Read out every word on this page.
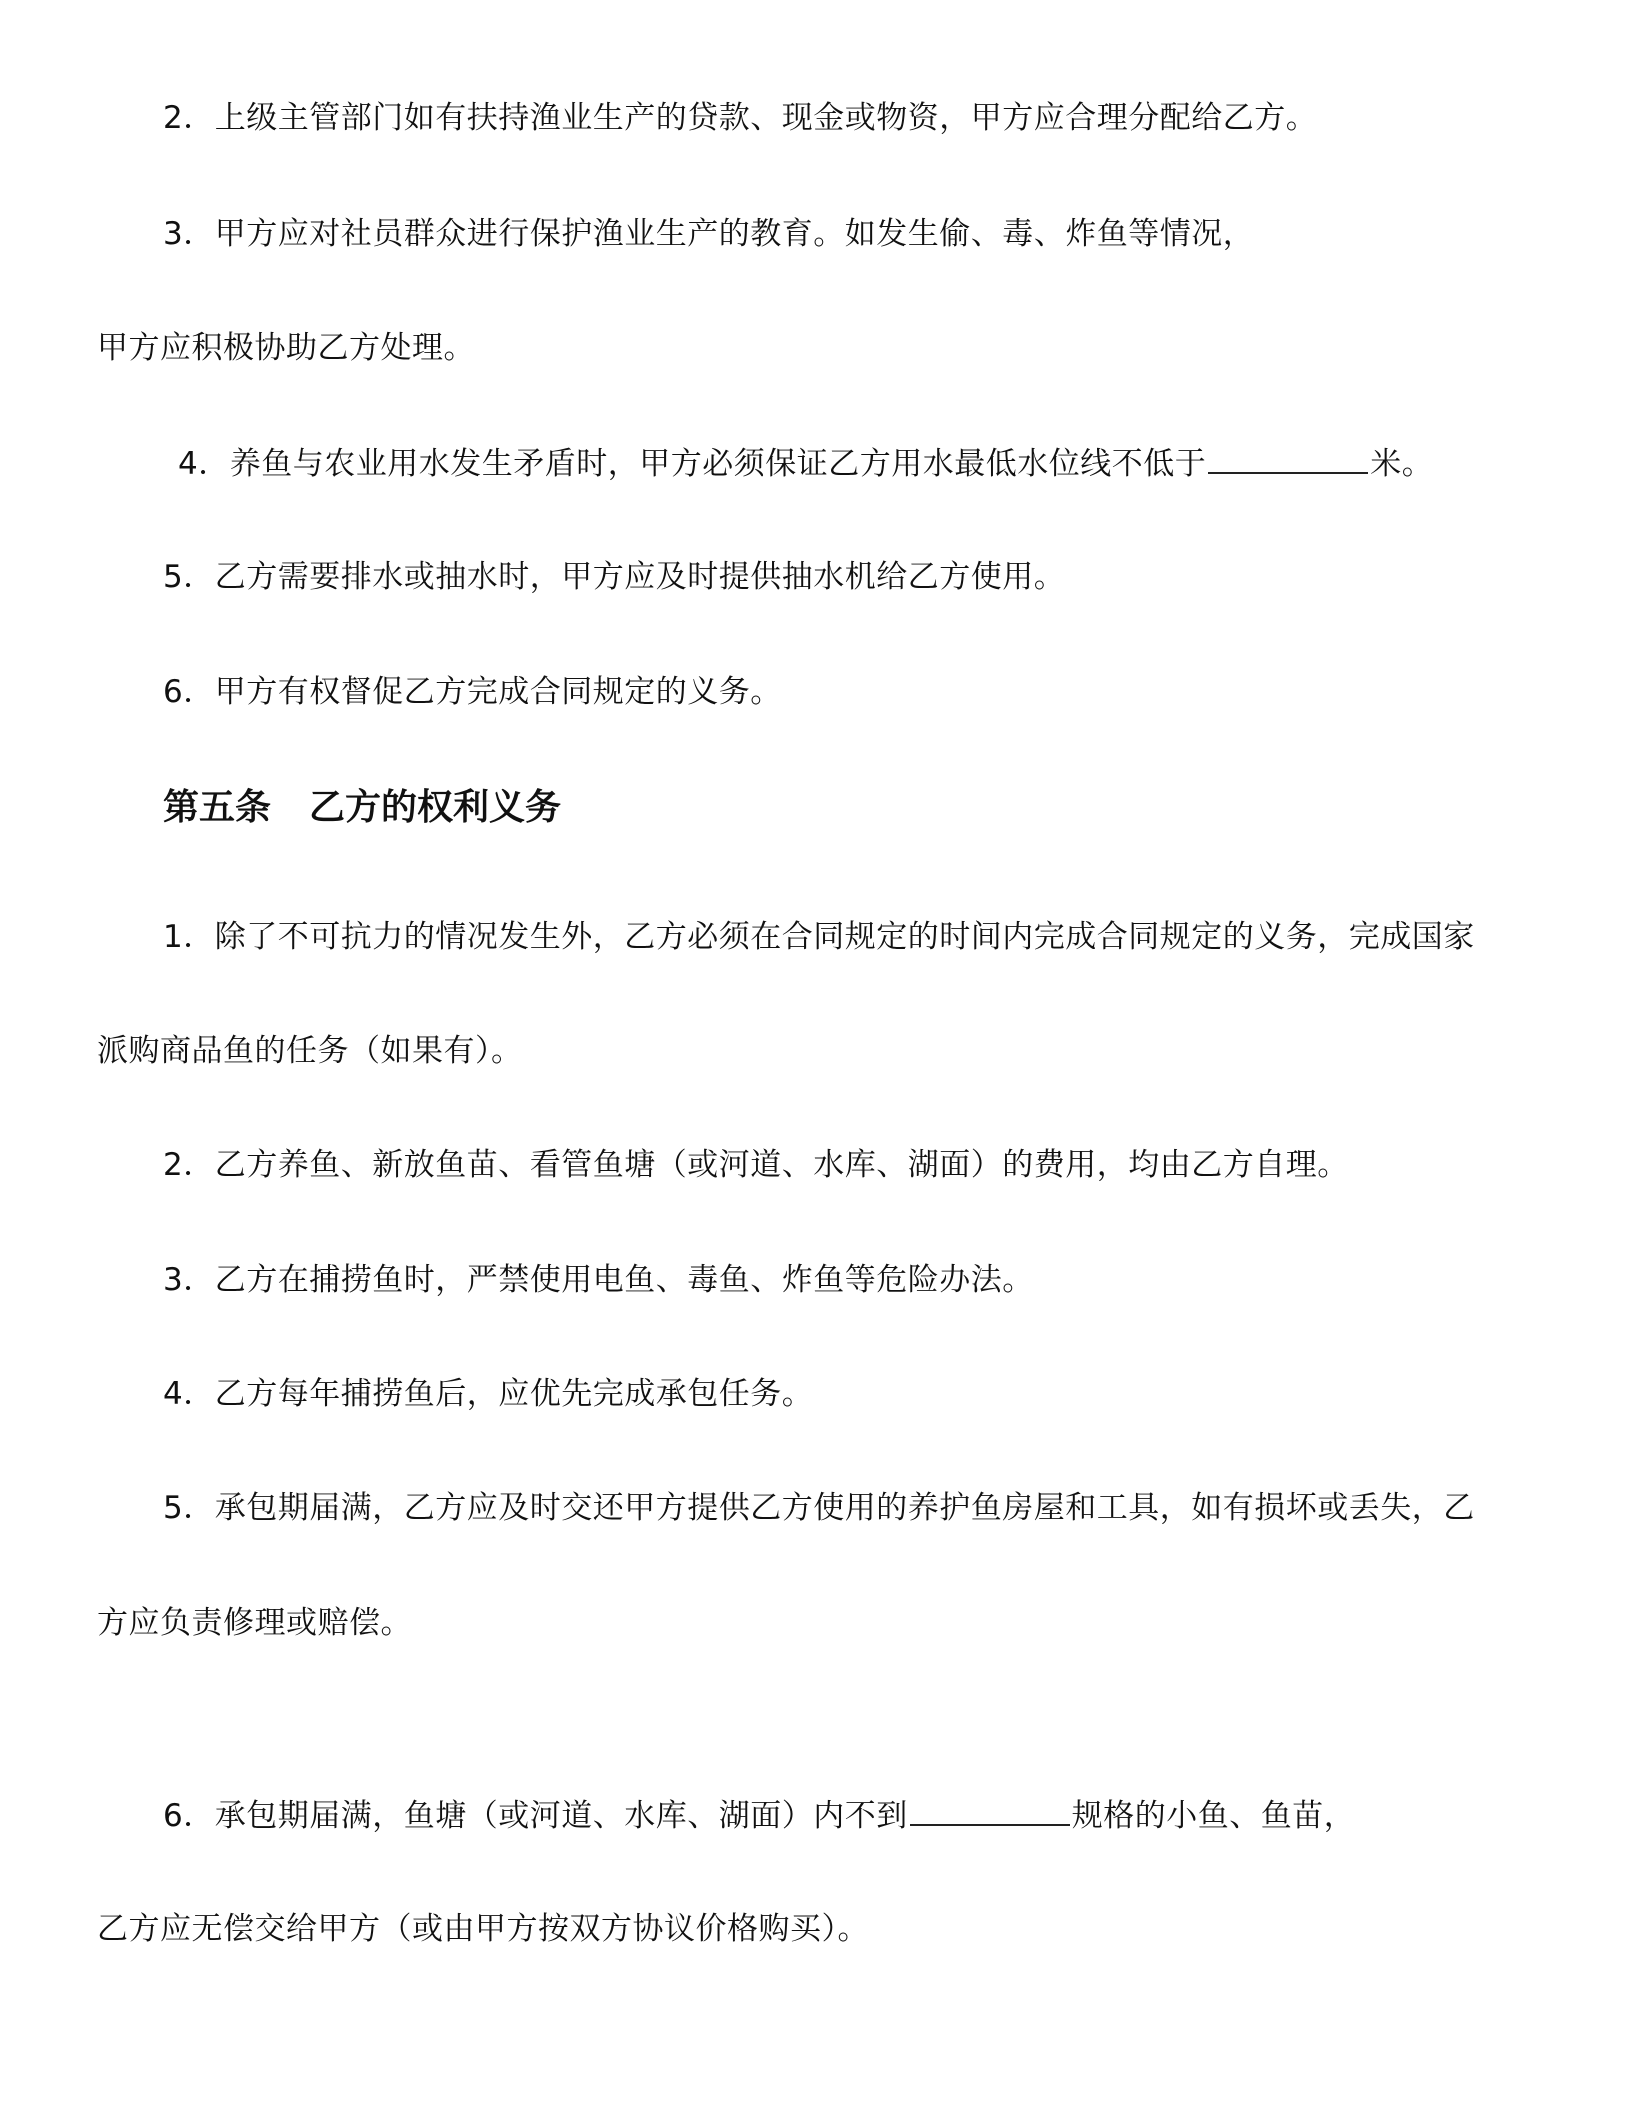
2．上级主管部门如有扶持渔业生产的贷款、现金或物资，甲方应合理分配给乙方。
3．甲方应对社员群众进行保护渔业生产的教育。如发生偷、毒、炸鱼等情况，
甲方应积极协助乙方处理。
4．养鱼与农业用水发生矛盾时，甲方必须保证乙方用水最低水位线不低于	米。
5．乙方需要排水或抽水时，甲方应及时提供抽水机给乙方使用。
6．甲方有权督促乙方完成合同规定的义务。
第五条 乙方的权利义务
1．除了不可抗力的情况发生外，乙方必须在合同规定的时间内完成合同规定的义务，完成国家
派购商品鱼的任务（如果有）。
2．乙方养鱼、新放鱼苗、看管鱼塘（或河道、水库、湖面）的费用，均由乙方自理。
3．乙方在捕捞鱼时，严禁使用电鱼、毒鱼、炸鱼等危险办法。
4．乙方每年捕捞鱼后，应优先完成承包任务。
5．承包期届满，乙方应及时交还甲方提供乙方使用的养护鱼房屋和工具，如有损坏或丢失，乙
方应负责修理或赔偿。
6．承包期届满，鱼塘（或河道、水库、湖面）内不到	规格的小鱼、鱼苗，
乙方应无偿交给甲方（或由甲方按双方协议价格购买）。
